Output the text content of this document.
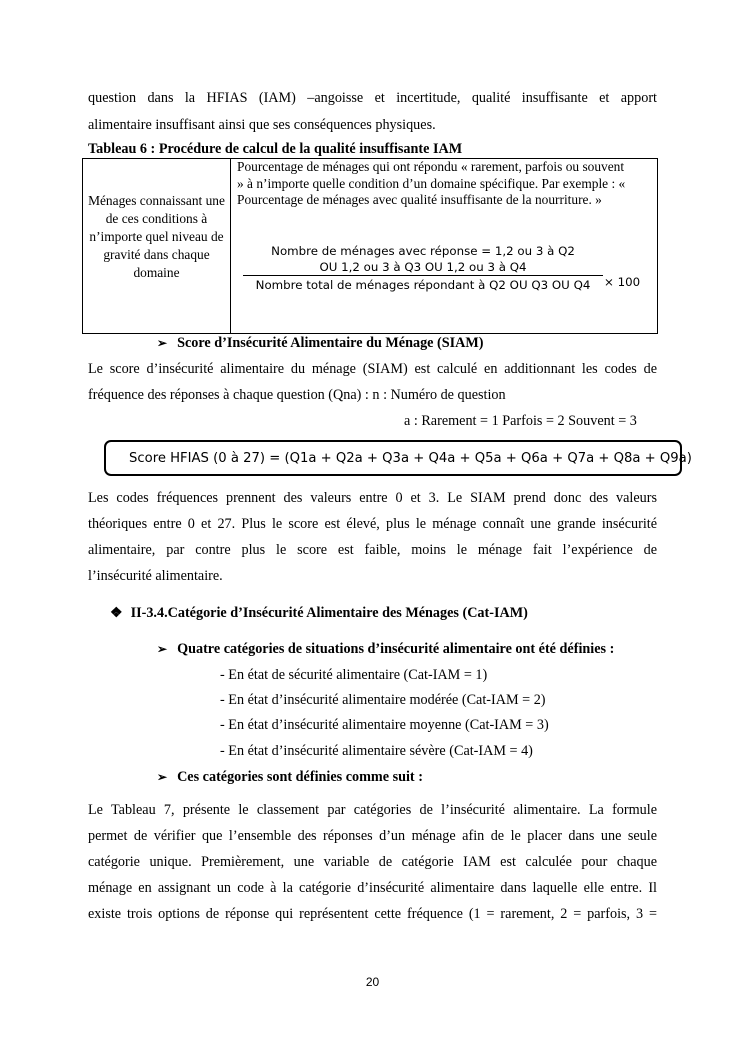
question dans la HFIAS (IAM) –angoisse et incertitude, qualité insuffisante et apport
alimentaire insuffisant ainsi que ses conséquences physiques.
Tableau 6 : Procédure de calcul de la qualité insuffisante IAM
Ménages connaissant une de ces conditions à n’importe quel niveau de gravité dans chaque domaine

Pourcentage de ménages qui ont répondu « rarement, parfois ou souvent » à n’importe quelle condition d’un domaine spécifique. Par exemple : « Pourcentage de ménages avec qualité insuffisante de la nourriture. »
Nombre de ménages avec réponse = 1,2 ou 3 à Q2
OU 1,2 ou 3 à Q3 OU 1,2 ou 3 à Q4
Nombre total de ménages répondant à Q2 OU Q3 OU Q4	× 100
➢ Score d’Insécurité Alimentaire du Ménage (SIAM)
Le score d’insécurité alimentaire du ménage (SIAM) est calculé en additionnant les codes de
fréquence des réponses à chaque question (Qna) : n : Numéro de question
a : Rarement = 1 Parfois = 2 Souvent = 3
Score HFIAS (0 à 27) = (Q1a + Q2a + Q3a + Q4a + Q5a + Q6a + Q7a + Q8a + Q9a)
Les codes fréquences prennent des valeurs entre 0 et 3. Le SIAM prend donc des valeurs
théoriques entre 0 et 27. Plus le score est élevé, plus le ménage connaît une grande insécurité
alimentaire, par contre plus le score est faible, moins le ménage fait l’expérience de
l’insécurité alimentaire.
❖ II-3.4.Catégorie d’Insécurité Alimentaire des Ménages (Cat-IAM)
➢ Quatre catégories de situations d’insécurité alimentaire ont été définies :
- En état de sécurité alimentaire (Cat-IAM = 1)
- En état d’insécurité alimentaire modérée (Cat-IAM = 2)
- En état d’insécurité alimentaire moyenne (Cat-IAM = 3)
- En état d’insécurité alimentaire sévère (Cat-IAM = 4)
➢ Ces catégories sont définies comme suit :
Le Tableau 7, présente le classement par catégories de l’insécurité alimentaire. La formule
permet de vérifier que l’ensemble des réponses d’un ménage afin de le placer dans une seule
catégorie unique. Premièrement, une variable de catégorie IAM est calculée pour chaque
ménage en assignant un code à la catégorie d’insécurité alimentaire dans laquelle elle entre. Il
existe trois options de réponse qui représentent cette fréquence (1 = rarement, 2 = parfois, 3 =
20
